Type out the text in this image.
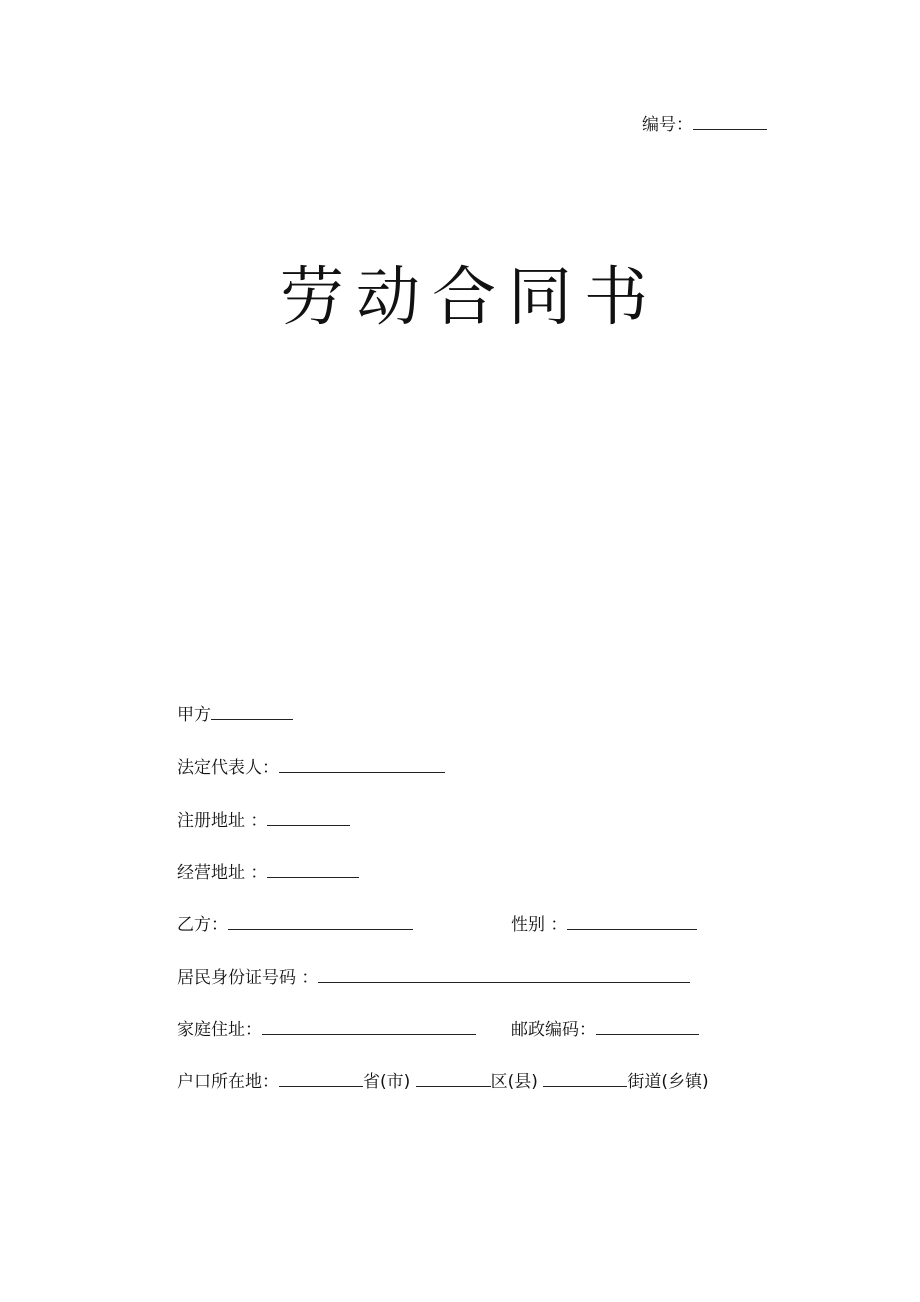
编号：
劳动合同书
甲方
法定代表人：
注册地址 ：
经营地址 ：
乙方：	性别 ：
居民身份证号码 ：
家庭住址：	邮政编码：
户口所在地：	省(市)	区(县)	街道(乡镇)
